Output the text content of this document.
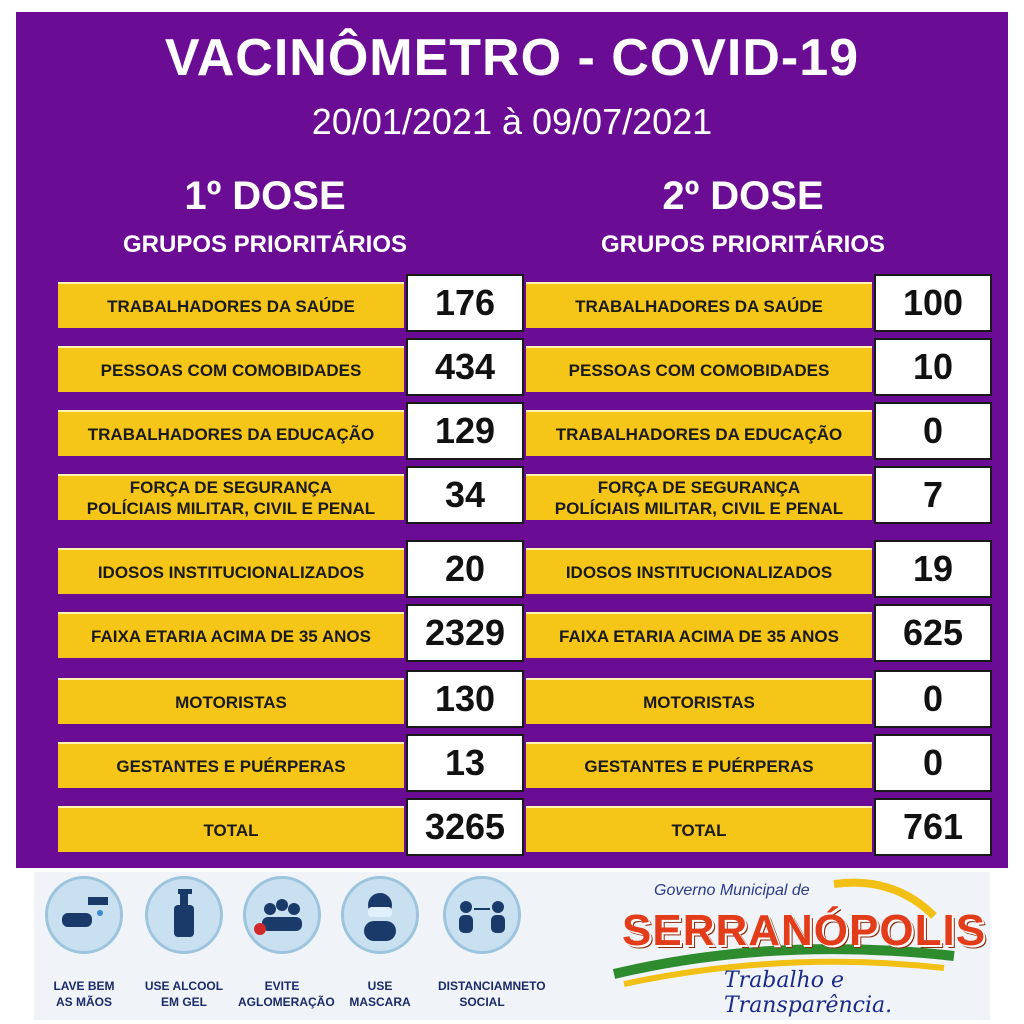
VACINÔMETRO - COVID-19
20/01/2021 à 09/07/2021
1º DOSE
GRUPOS PRIORITÁRIOS
2º DOSE
GRUPOS PRIORITÁRIOS
TRABALHADORES DA SAÚDE	176
PESSOAS COM COMOBIDADES	434
TRABALHADORES DA EDUCAÇÃO	129
FORÇA DE SEGURANÇA
POLÍCIAIS MILITAR, CIVIL E PENAL	34
IDOSOS INSTITUCIONALIZADOS	20
FAIXA ETARIA ACIMA DE 35 ANOS	2329
MOTORISTAS	130
GESTANTES E PUÉRPERAS	13
TOTAL	3265
TRABALHADORES DA SAÚDE	100
PESSOAS COM COMOBIDADES	10
TRABALHADORES DA EDUCAÇÃO	0
FORÇA DE SEGURANÇA
POLÍCIAIS MILITAR, CIVIL E PENAL	7
IDOSOS INSTITUCIONALIZADOS	19
FAIXA ETARIA ACIMA DE 35 ANOS	625
MOTORISTAS	0
GESTANTES E PUÉRPERAS	0
TOTAL	761
LAVE BEM
AS MÃOS
USE ALCOOL
EM GEL
EVITE
AGLOMERAÇÃO
USE
MASCARA
DISTANCIAMNETO
SOCIAL
Governo Municipal de
SERRANÓPOLIS
Trabalho e Transparência.
